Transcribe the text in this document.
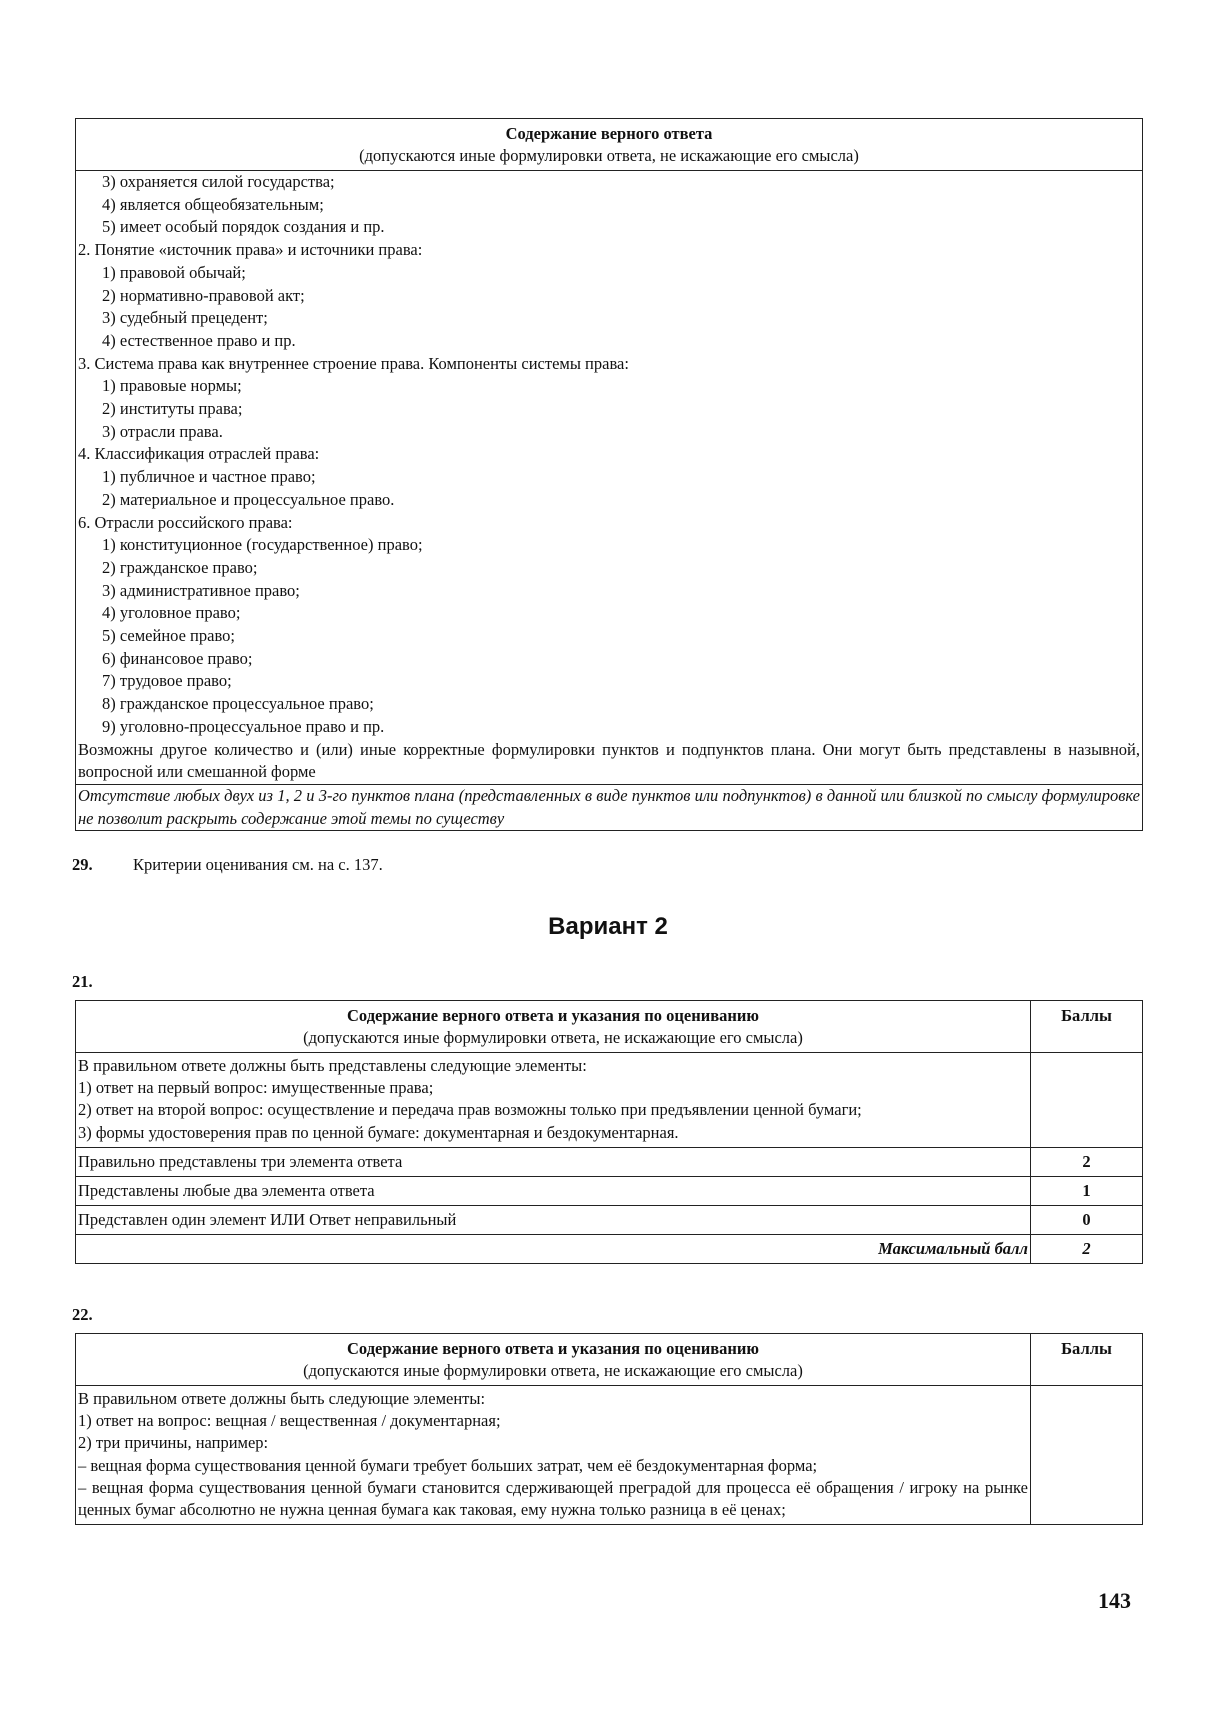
Содержание верного ответа
(допускаются иные формулировки ответа, не искажающие его смысла)
3) охраняется силой государства;
4) является общеобязательным;
5) имеет особый порядок создания и пр.
2. Понятие «источник права» и источники права:
1) правовой обычай;
2) нормативно-правовой акт;
3) судебный прецедент;
4) естественное право и пр.
3. Система права как внутреннее строение права. Компоненты системы права:
1) правовые нормы;
2) институты права;
3) отрасли права.
4. Классификация отраслей права:
1) публичное и частное право;
2) материальное и процессуальное право.
6. Отрасли российского права:
1) конституционное (государственное) право;
2) гражданское право;
3) административное право;
4) уголовное право;
5) семейное право;
6) финансовое право;
7) трудовое право;
8) гражданское процессуальное право;
9) уголовно-процессуальное право и пр.
Возможны другое количество и (или) иные корректные формулировки пунктов и подпунктов плана. Они могут быть представлены в назывной, вопросной или смешанной форме
Отсутствие любых двух из 1, 2 и 3-го пунктов плана (представленных в виде пунктов или подпунктов) в данной или близкой по смыслу формулировке не позволит раскрыть содержание этой темы по существу
29. Критерии оценивания см. на с. 137.
Вариант 2
21.
Содержание верного ответа и указания по оцениванию
(допускаются иные формулировки ответа, не искажающие его смысла)
Баллы
В правильном ответе должны быть представлены следующие элементы:
1) ответ на первый вопрос: имущественные права;
2) ответ на второй вопрос: осуществление и передача прав возможны только при предъявлении ценной бумаги;
3) формы удостоверения прав по ценной бумаге: документарная и бездокументарная.
Правильно представлены три элемента ответа	2
Представлены любые два элемента ответа	1
Представлен один элемент ИЛИ Ответ неправильный	0
Максимальный балл	2
22.
Содержание верного ответа и указания по оцениванию
(допускаются иные формулировки ответа, не искажающие его смысла)
Баллы
В правильном ответе должны быть следующие элементы:
1) ответ на вопрос: вещная / вещественная / документарная;
2) три причины, например:
– вещная форма существования ценной бумаги требует больших затрат, чем её бездокументарная форма;
– вещная форма существования ценной бумаги становится сдерживающей преградой для процесса её обращения / игроку на рынке ценных бумаг абсолютно не нужна ценная бумага как таковая, ему нужна только разница в её ценах;
143
